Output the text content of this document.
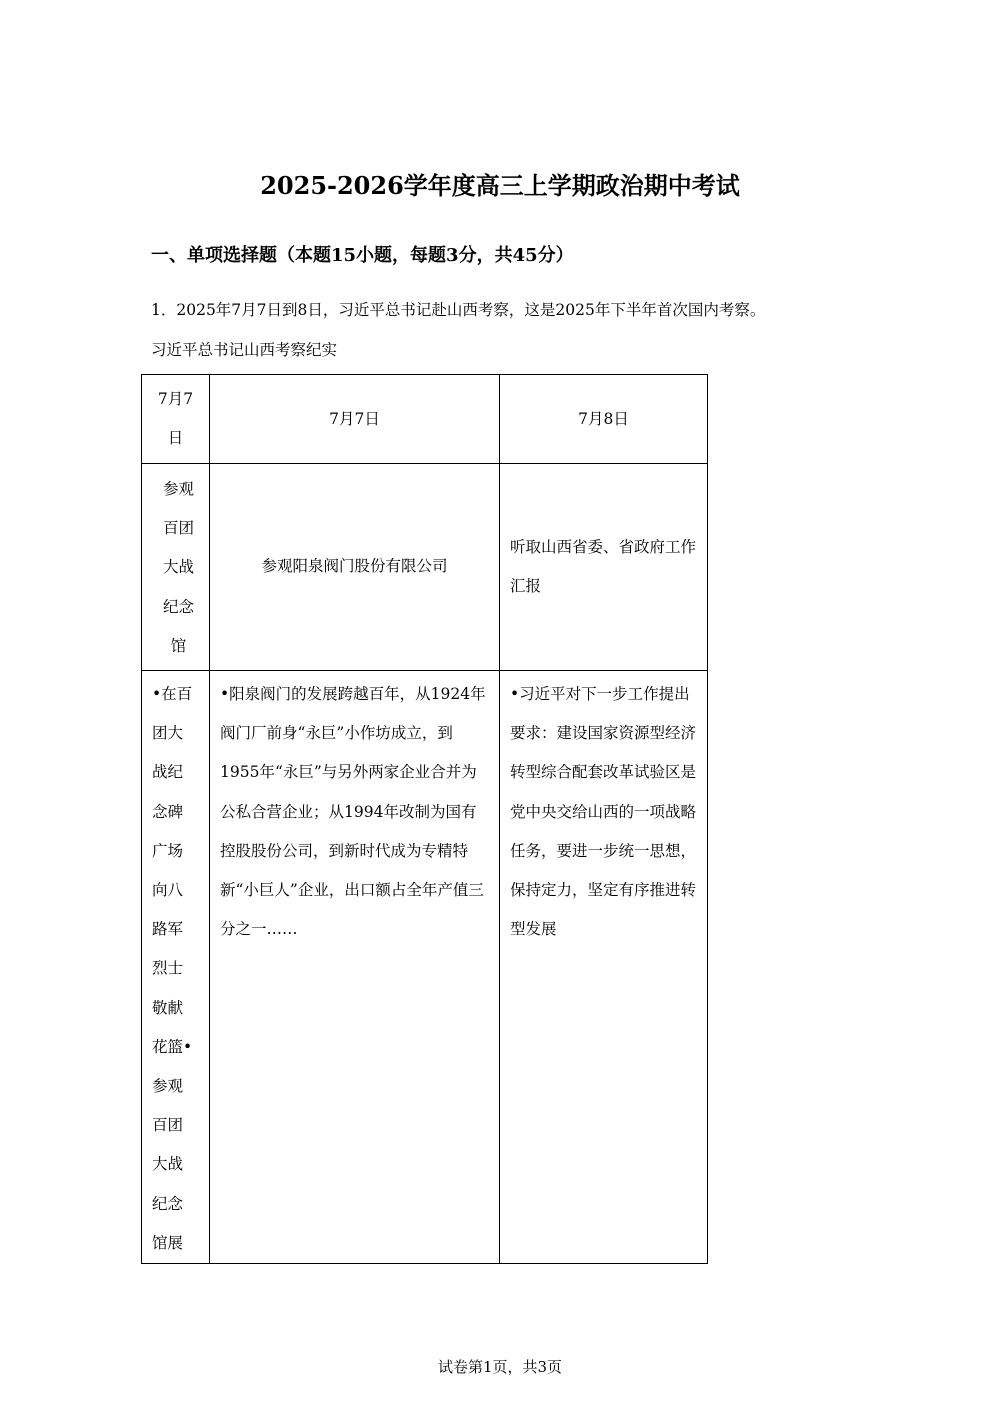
2025-2026学年度高三上学期政治期中考试
一、单项选择题（本题15小题，每题3分，共45分）
1．2025年7月7日到8日，习近平总书记赴山西考察，这是2025年下半年首次国内考察。
习近平总书记山西考察纪实
7月7日	7月7日	7月8日

参观百团大战纪念馆	参观阳泉阀门股份有限公司	听取山西省委、省政府工作汇报

•在百团大战纪念碑广场向八路军烈士敬献花篮•参观百团大战纪念馆展	•阳泉阀门的发展跨越百年，从1924年阀门厂前身“永巨”小作坊成立，到1955年“永巨”与另外两家企业合并为公私合营企业；从1994年改制为国有控股股份公司，到新时代成为专精特新“小巨人”企业，出口额占全年产值三分之一……	•习近平对下一步工作提出要求：建设国家资源型经济转型综合配套改革试验区是党中央交给山西的一项战略任务，要进一步统一思想，保持定力，坚定有序推进转型发展
试卷第1页，共3页
